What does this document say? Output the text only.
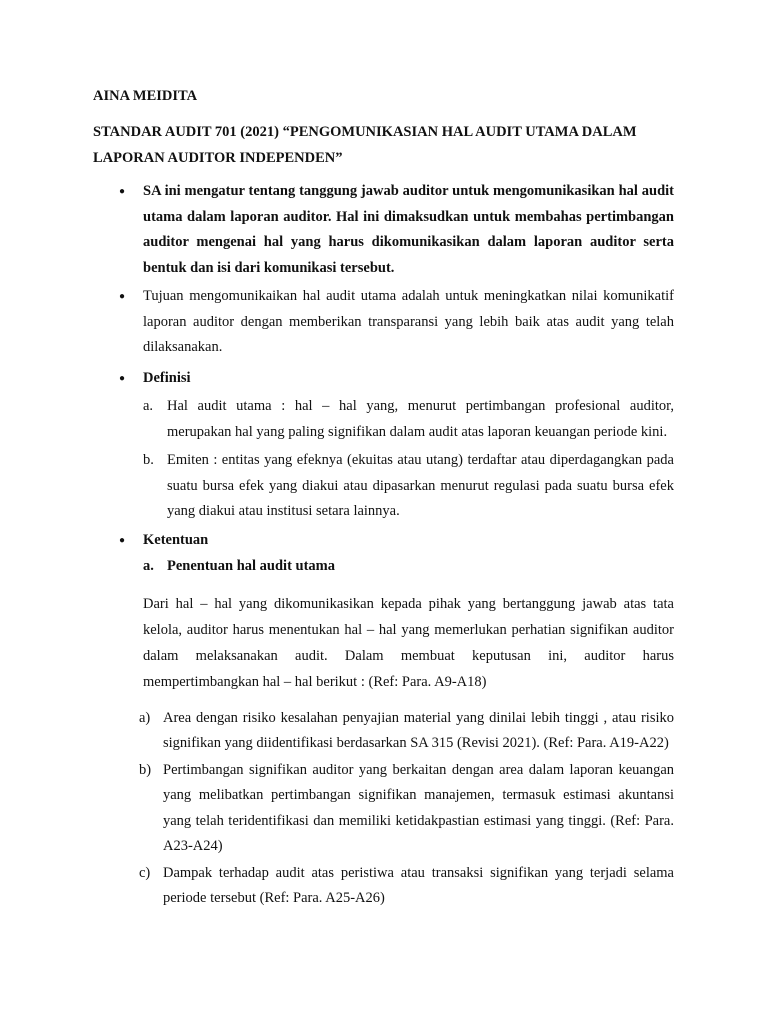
AINA MEIDITA

STANDAR AUDIT 701 (2021) “PENGOMUNIKASIAN HAL AUDIT UTAMA DALAM LAPORAN AUDITOR INDEPENDEN”

● SA ini mengatur tentang tanggung jawab auditor untuk mengomunikasikan hal audit utama dalam laporan auditor. Hal ini dimaksudkan untuk membahas pertimbangan auditor mengenai hal yang harus dikomunikasikan dalam laporan auditor serta bentuk dan isi dari komunikasi tersebut.
● Tujuan mengomunikaikan hal audit utama adalah untuk meningkatkan nilai komunikatif laporan auditor dengan memberikan transparansi yang lebih baik atas audit yang telah dilaksanakan.
● Definisi

a. Hal audit utama : hal – hal yang, menurut pertimbangan profesional auditor, merupakan hal yang paling signifikan dalam audit atas laporan keuangan periode kini.

b. Emiten : entitas yang efeknya (ekuitas atau utang) terdaftar atau diperdagangkan pada suatu bursa efek yang diakui atau dipasarkan menurut regulasi pada suatu bursa efek yang diakui atau institusi setara lainnya.

● Ketentuan

a. Penentuan hal audit utama

Dari hal – hal yang dikomunikasikan kepada pihak yang bertanggung jawab atas tata kelola, auditor harus menentukan hal – hal yang memerlukan perhatian signifikan auditor dalam melaksanakan audit. Dalam membuat keputusan ini, auditor harus mempertimbangkan hal – hal berikut : (Ref: Para. A9-A18)

a) Area dengan risiko kesalahan penyajian material yang dinilai lebih tinggi , atau risiko signifikan yang diidentifikasi berdasarkan SA 315 (Revisi 2021). (Ref: Para. A19-A22)

b) Pertimbangan signifikan auditor yang berkaitan dengan area dalam laporan keuangan yang melibatkan pertimbangan signifikan manajemen, termasuk estimasi akuntansi yang telah teridentifikasi dan memiliki ketidakpastian estimasi yang tinggi. (Ref: Para. A23-A24)

c) Dampak terhadap audit atas peristiwa atau transaksi signifikan yang terjadi selama periode tersebut (Ref: Para. A25-A26)
